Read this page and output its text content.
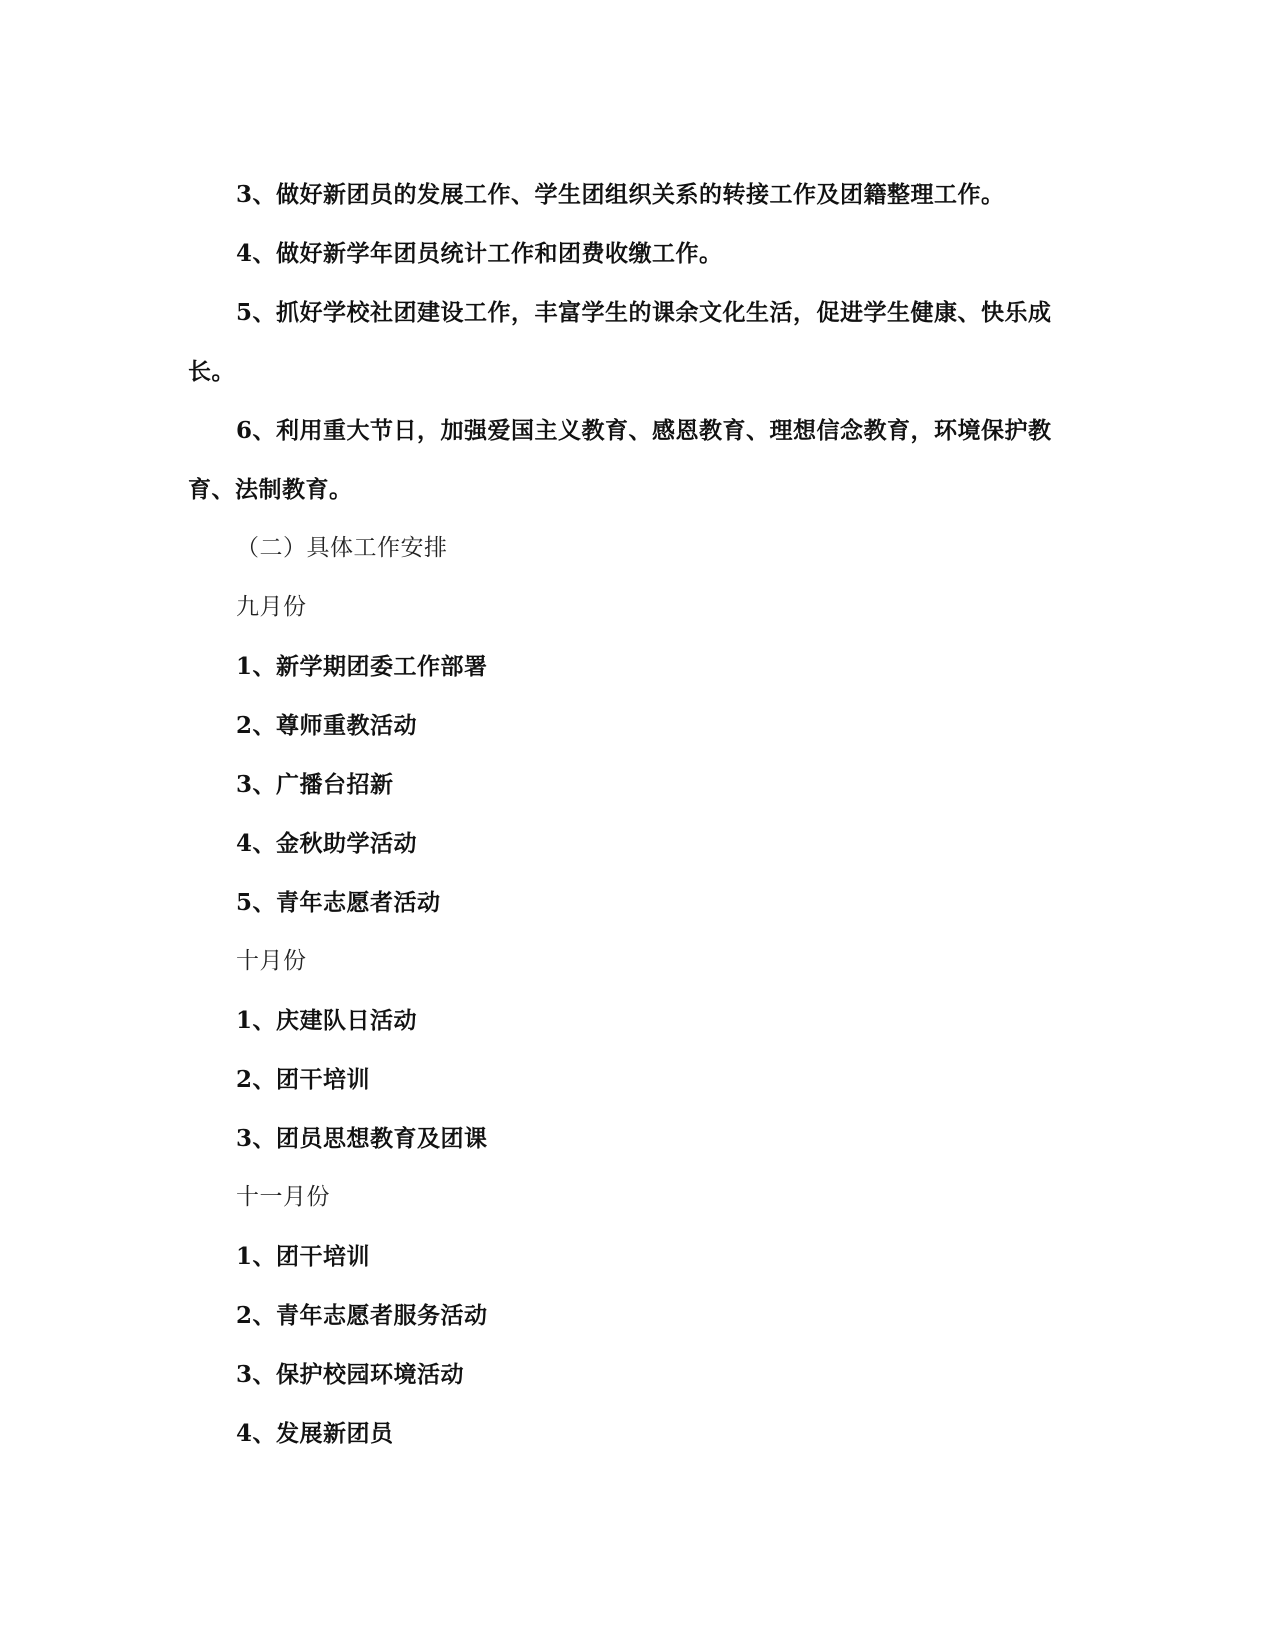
3、做好新团员的发展工作、学生团组织关系的转接工作及团籍整理工作。

4、做好新学年团员统计工作和团费收缴工作。

5、抓好学校社团建设工作，丰富学生的课余文化生活，促进学生健康、快乐成长。

6、利用重大节日，加强爱国主义教育、感恩教育、理想信念教育，环境保护教育、法制教育。

（二）具体工作安排

九月份

1、新学期团委工作部署

2、尊师重教活动

3、广播台招新

4、金秋助学活动

5、青年志愿者活动

十月份

1、庆建队日活动

2、团干培训

3、团员思想教育及团课

十一月份

1、团干培训

2、青年志愿者服务活动

3、保护校园环境活动

4、发展新团员
